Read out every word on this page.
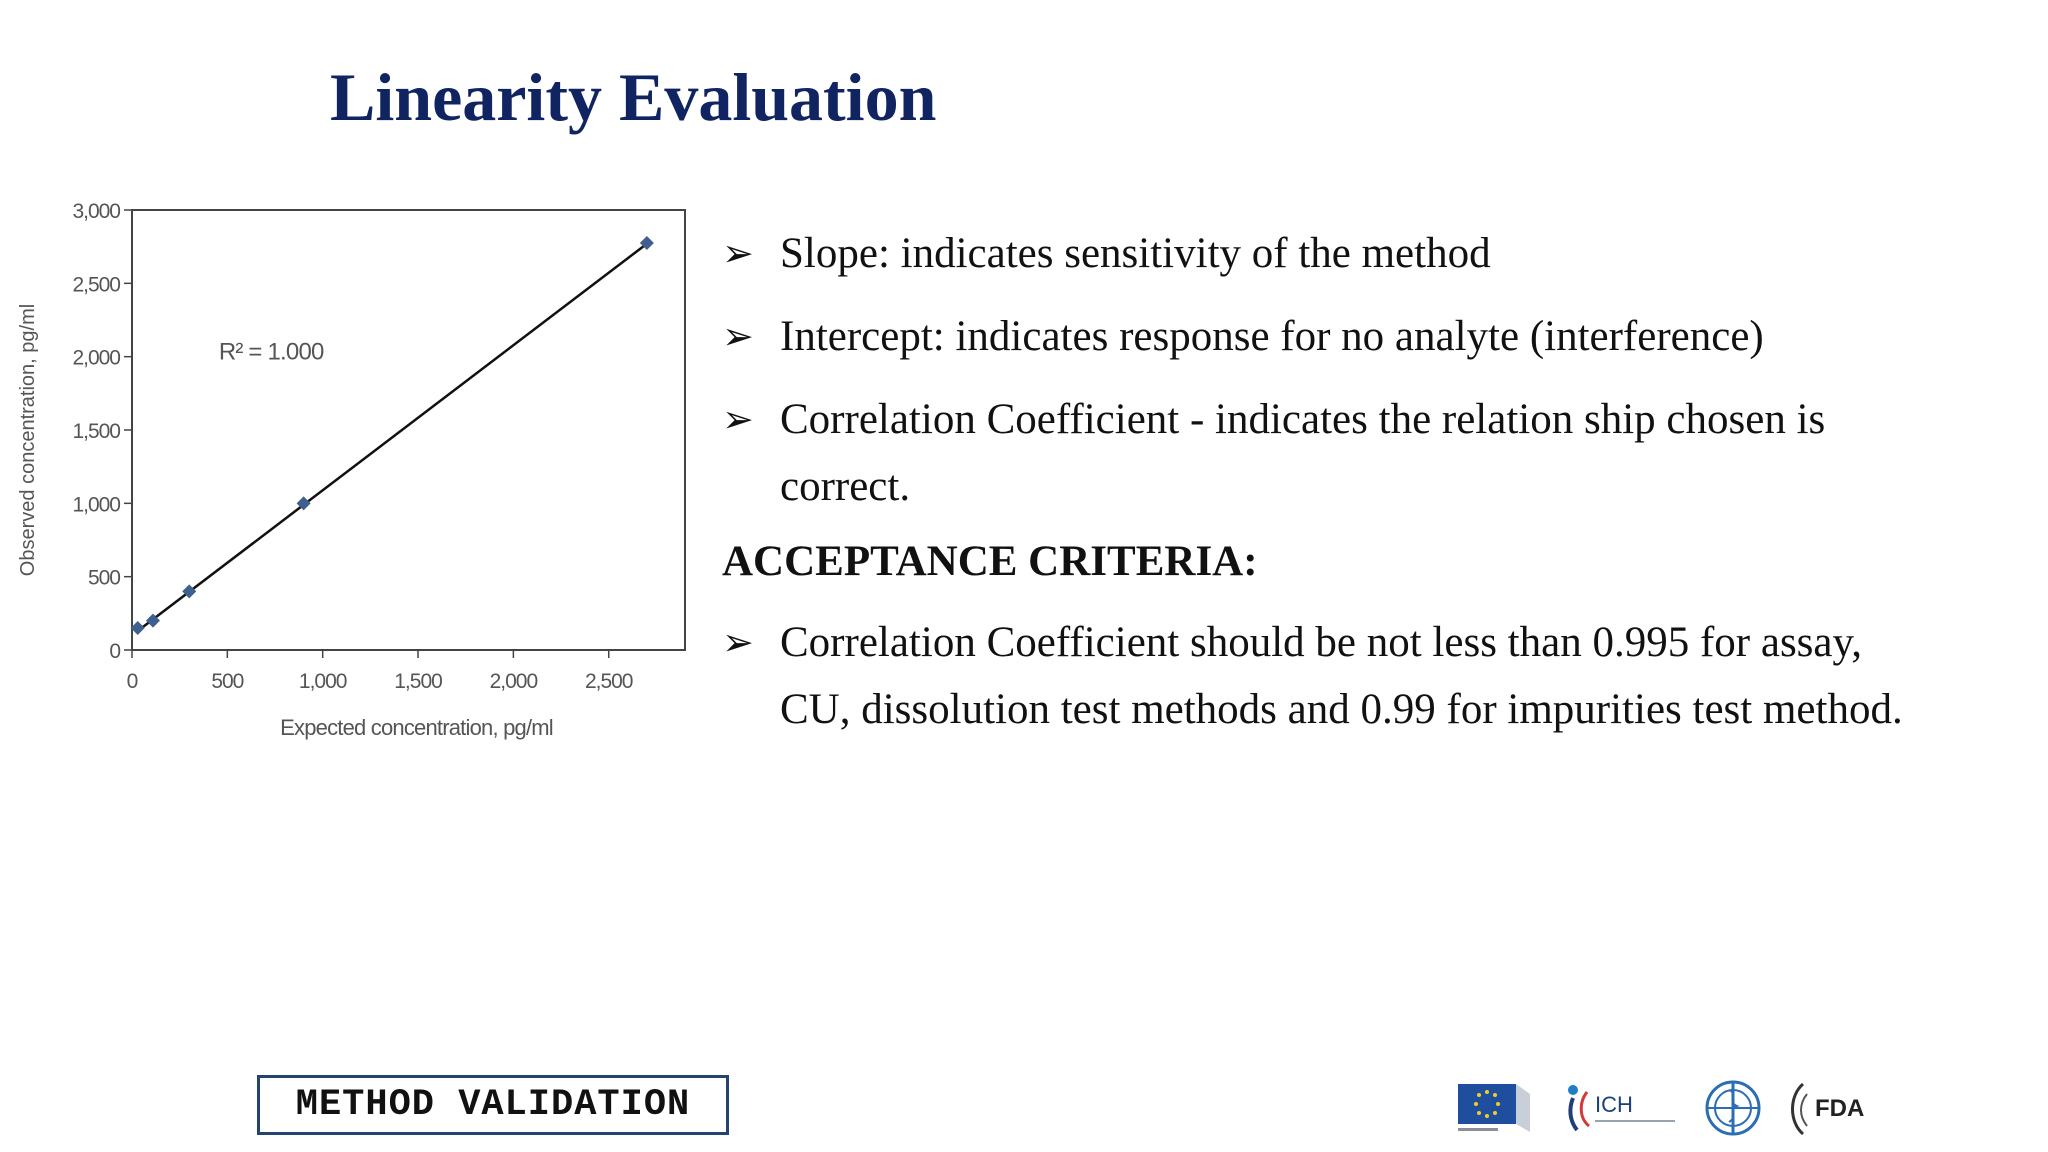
Linearity Evaluation
0
500
1,000
1,500
2,000
2,500
3,000
0	500	1,000 1,500 2,000 2,500
Expected concentration, pg/ml
Observed concentration, pg/ml	R² = 1.000
➢ Slope: indicates sensitivity of the method
➢ Intercept: indicates response for no analyte (interference)
➢ Correlation Coefficient - indicates the relation ship chosen is
correct.
ACCEPTANCE CRITERIA:
➢ Correlation Coefficient should be not less than 0.995 for assay,
CU, dissolution test methods and 0.99 for impurities test method.
METHOD VALIDATION	ICH	FDA
